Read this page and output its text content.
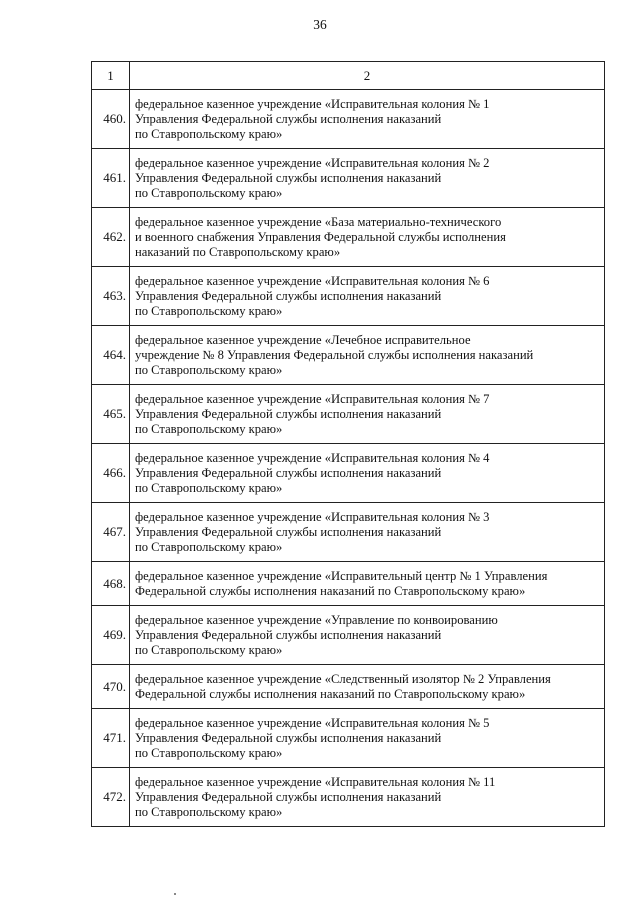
36
1	2
460.	федеральное казенное учреждение «Исправительная колония № 1
Управления Федеральной службы исполнения наказаний
по Ставропольскому краю»

461.	федеральное казенное учреждение «Исправительная колония № 2
Управления Федеральной службы исполнения наказаний
по Ставропольскому краю»

462.	федеральное казенное учреждение «База материально-технического
и военного снабжения Управления Федеральной службы исполнения
наказаний по Ставропольскому краю»

463.	федеральное казенное учреждение «Исправительная колония № 6
Управления Федеральной службы исполнения наказаний
по Ставропольскому краю»

464.	федеральное казенное учреждение «Лечебное исправительное
учреждение № 8 Управления Федеральной службы исполнения наказаний
по Ставропольскому краю»

465.	федеральное казенное учреждение «Исправительная колония № 7
Управления Федеральной службы исполнения наказаний
по Ставропольскому краю»

466.	федеральное казенное учреждение «Исправительная колония № 4
Управления Федеральной службы исполнения наказаний
по Ставропольскому краю»

467.	федеральное казенное учреждение «Исправительная колония № 3
Управления Федеральной службы исполнения наказаний
по Ставропольскому краю»

468.	федеральное казенное учреждение «Исправительный центр № 1 Управления
Федеральной службы исполнения наказаний по Ставропольскому краю»

469.	федеральное казенное учреждение «Управление по конвоированию
Управления Федеральной службы исполнения наказаний
по Ставропольскому краю»

470.	федеральное казенное учреждение «Следственный изолятор № 2 Управления
Федеральной службы исполнения наказаний по Ставропольскому краю»

471.	федеральное казенное учреждение «Исправительная колония № 5
Управления Федеральной службы исполнения наказаний
по Ставропольскому краю»

472.	федеральное казенное учреждение «Исправительная колония № 11
Управления Федеральной службы исполнения наказаний
по Ставропольскому краю»
